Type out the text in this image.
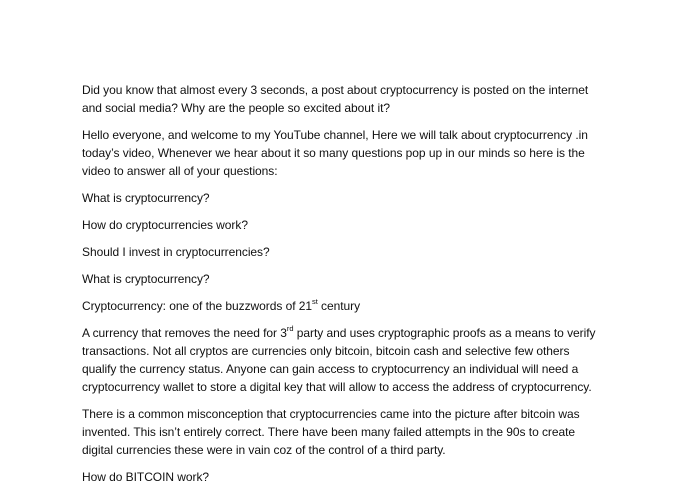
Did you know that almost every 3 seconds, a post about cryptocurrency is posted on the internet and social media? Why are the people so excited about it?

Hello everyone, and welcome to my YouTube channel, Here we will talk about cryptocurrency .in today’s video, Whenever we hear about it so many questions pop up in our minds so here is the video to answer all of your questions:

What is cryptocurrency?

How do cryptocurrencies work?

Should I invest in cryptocurrencies?

What is cryptocurrency?

Cryptocurrency: one of the buzzwords of 21st century

A currency that removes the need for 3rd party and uses cryptographic proofs as a means to verify transactions. Not all cryptos are currencies only bitcoin, bitcoin cash and selective few others qualify the currency status. Anyone can gain access to cryptocurrency an individual will need a cryptocurrency wallet to store a digital key that will allow to access the address of cryptocurrency.

There is a common misconception that cryptocurrencies came into the picture after bitcoin was invented. This isn’t entirely correct. There have been many failed attempts in the 90s to create digital currencies these were in vain coz of the control of a third party.

How do BITCOIN work?
